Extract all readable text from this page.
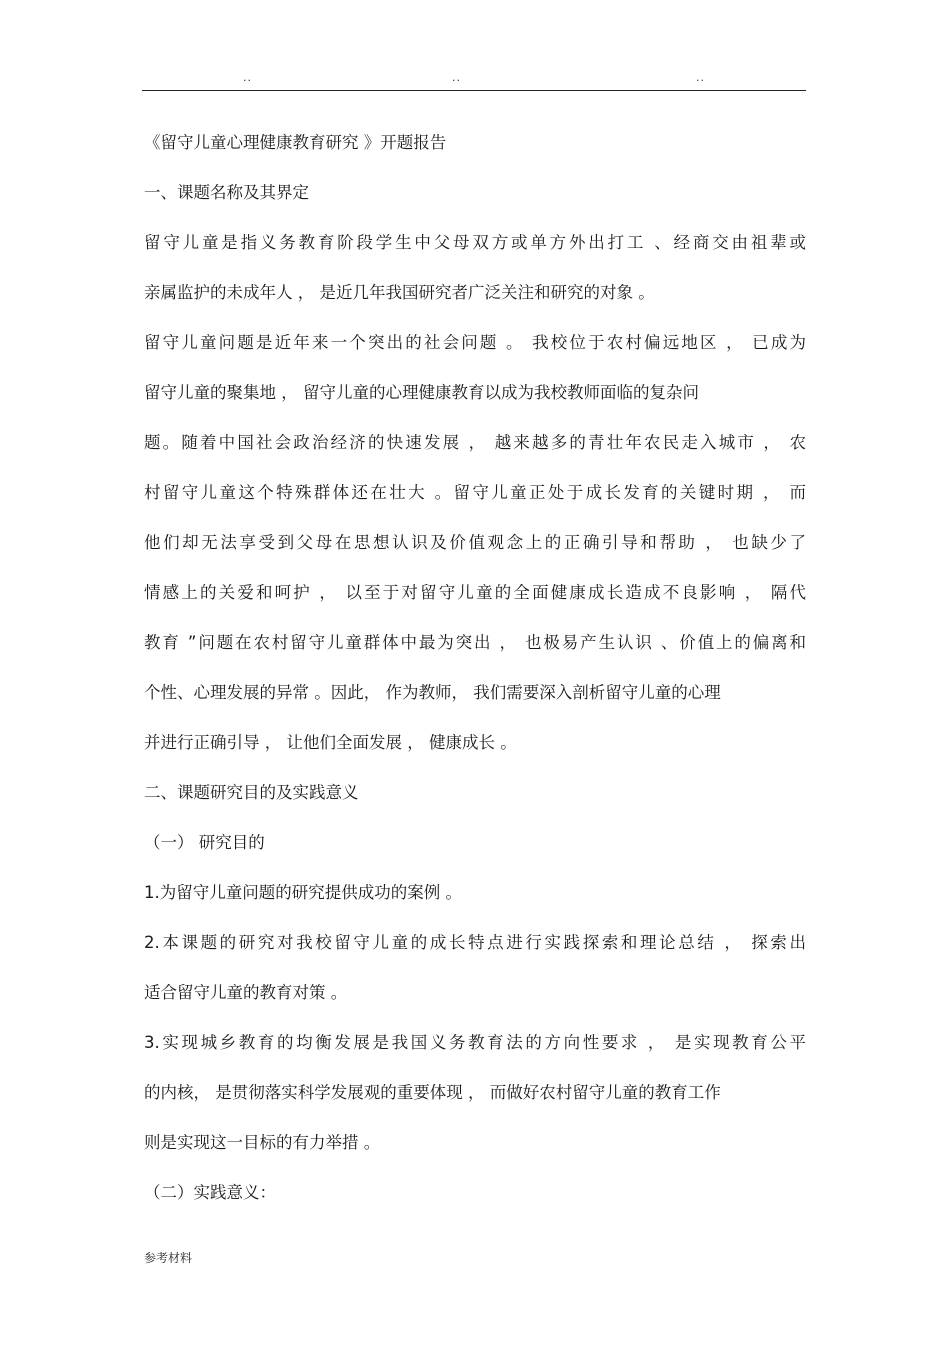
..	..	..
《留守儿童心理健康教育研究 》开题报告
一、课题名称及其界定
留守儿童是指义务教育阶段学生中父母双方或单方外出打工 、经商交由祖辈或
亲属监护的未成年人 ， 是近几年我国研究者广泛关注和研究的对象 。
留守儿童问题是近年来一个突出的社会问题 。 我校位于农村偏远地区 ， 已成为
留守儿童的聚集地 ， 留守儿童的心理健康教育以成为我校教师面临的复杂问
题。随着中国社会政治经济的快速发展 ， 越来越多的青壮年农民走入城市 ， 农
村留守儿童这个特殊群体还在壮大 。留守儿童正处于成长发育的关键时期 ， 而
他们却无法享受到父母在思想认识及价值观念上的正确引导和帮助 ， 也缺少了
情感上的关爱和呵护 ， 以至于对留守儿童的全面健康成长造成不良影响 ， 隔代
教育 ”问题在农村留守儿童群体中最为突出 ， 也极易产生认识 、价值上的偏离和
个性、心理发展的异常 。因此， 作为教师， 我们需要深入剖析留守儿童的心理
并进行正确引导 ， 让他们全面发展 ， 健康成长 。
二、课题研究目的及实践意义
（一） 研究目的
1.为留守儿童问题的研究提供成功的案例 。
2.本课题的研究对我校留守儿童的成长特点进行实践探索和理论总结 ， 探索出
适合留守儿童的教育对策 。
3.实现城乡教育的均衡发展是我国义务教育法的方向性要求 ， 是实现教育公平
的内核， 是贯彻落实科学发展观的重要体现 ， 而做好农村留守儿童的教育工作
则是实现这一目标的有力举措 。
（二）实践意义：
参考材料
